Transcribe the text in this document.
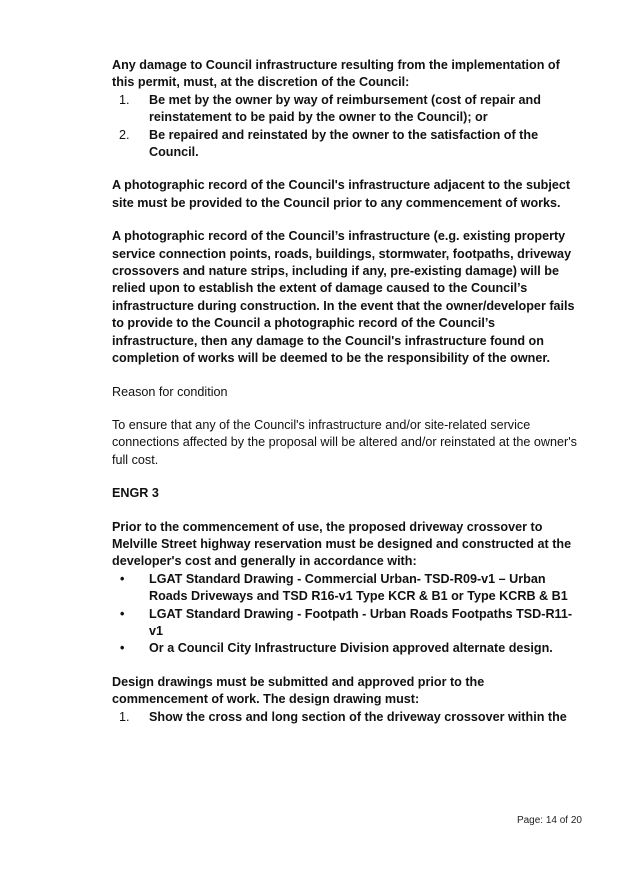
Any damage to Council infrastructure resulting from the implementation of this permit, must, at the discretion of the Council:

1. Be met by the owner by way of reimbursement (cost of repair and reinstatement to be paid by the owner to the Council); or
2. Be repaired and reinstated by the owner to the satisfaction of the Council.

A photographic record of the Council's infrastructure adjacent to the subject site must be provided to the Council prior to any commencement of works.

A photographic record of the Council’s infrastructure (e.g. existing property service connection points, roads, buildings, stormwater, footpaths, driveway crossovers and nature strips, including if any, pre-existing damage) will be relied upon to establish the extent of damage caused to the Council’s infrastructure during construction. In the event that the owner/developer fails to provide to the Council a photographic record of the Council’s infrastructure, then any damage to the Council's infrastructure found on completion of works will be deemed to be the responsibility of the owner.

Reason for condition

To ensure that any of the Council's infrastructure and/or site-related service connections affected by the proposal will be altered and/or reinstated at the owner's full cost.

ENGR 3

Prior to the commencement of use, the proposed driveway crossover to Melville Street highway reservation must be designed and constructed at the developer's cost and generally in accordance with:

• LGAT Standard Drawing - Commercial Urban- TSD-R09-v1 – Urban Roads Driveways and TSD R16-v1 Type KCR & B1 or Type KCRB & B1
• LGAT Standard Drawing - Footpath - Urban Roads Footpaths TSD-R11-v1
• Or a Council City Infrastructure Division approved alternate design.

Design drawings must be submitted and approved prior to the commencement of work. The design drawing must:

1. Show the cross and long section of the driveway crossover within the
Page: 14 of 20
